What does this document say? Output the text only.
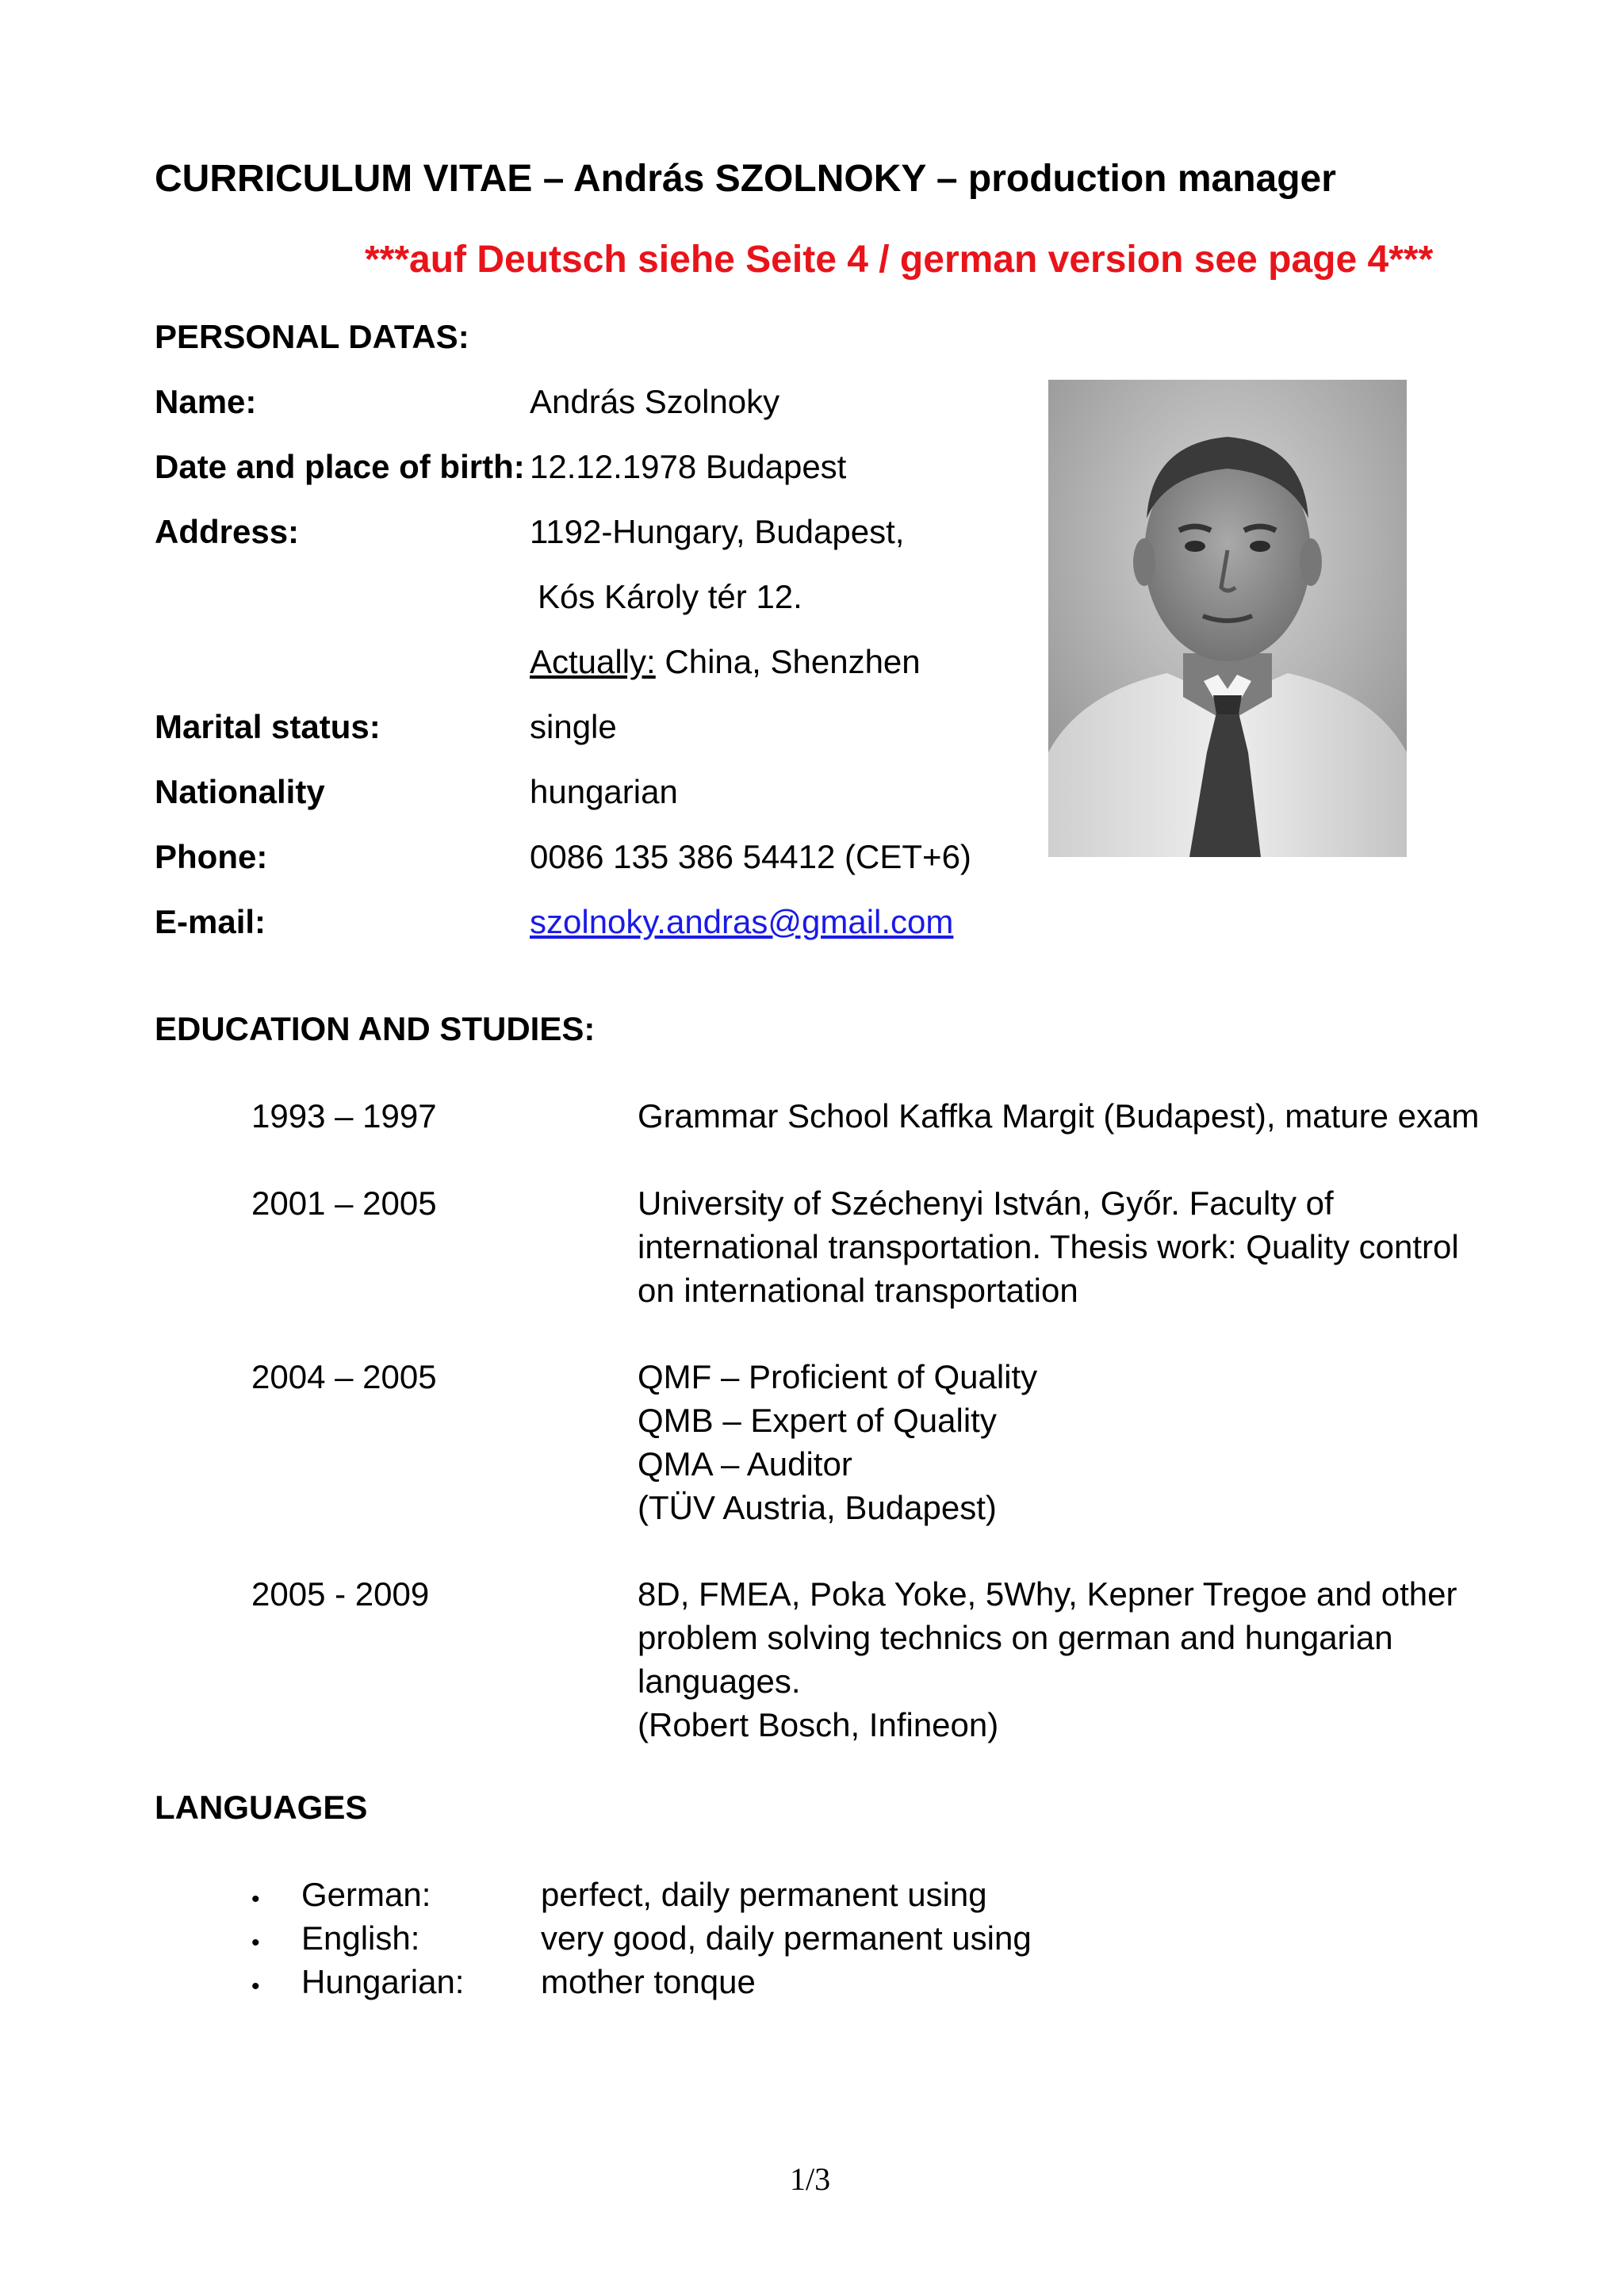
CURRICULUM VITAE – András SZOLNOKY – production manager
***auf Deutsch siehe Seite 4 / german version see page 4***
PERSONAL DATAS:
Name:	András Szolnoky
Date and place of birth: 12.12.1978 Budapest
Address:	1192-Hungary, Budapest,
Kós Károly tér 12.
Actually: China, Shenzhen
Marital status:	single
Nationality	hungarian
Phone:	0086 135 386 54412 (CET+6)
E-mail:	szolnoky.andras@gmail.com
EDUCATION AND STUDIES:
1993 – 1997	Grammar School Kaffka Margit (Budapest), mature exam
2001 – 2005	University of Széchenyi István, Győr. Faculty of
international transportation. Thesis work: Quality control
on international transportation
2004 – 2005	QMF – Proficient of Quality
QMB – Expert of Quality
QMA – Auditor
(TÜV Austria, Budapest)
2005 - 2009	8D, FMEA, Poka Yoke, 5Why, Kepner Tregoe and other
problem solving technics on german and hungarian
languages.
(Robert Bosch, Infineon)
LANGUAGES
• German:	perfect, daily permanent using
• English:	very good, daily permanent using
• Hungarian: mother tonque
1/3
